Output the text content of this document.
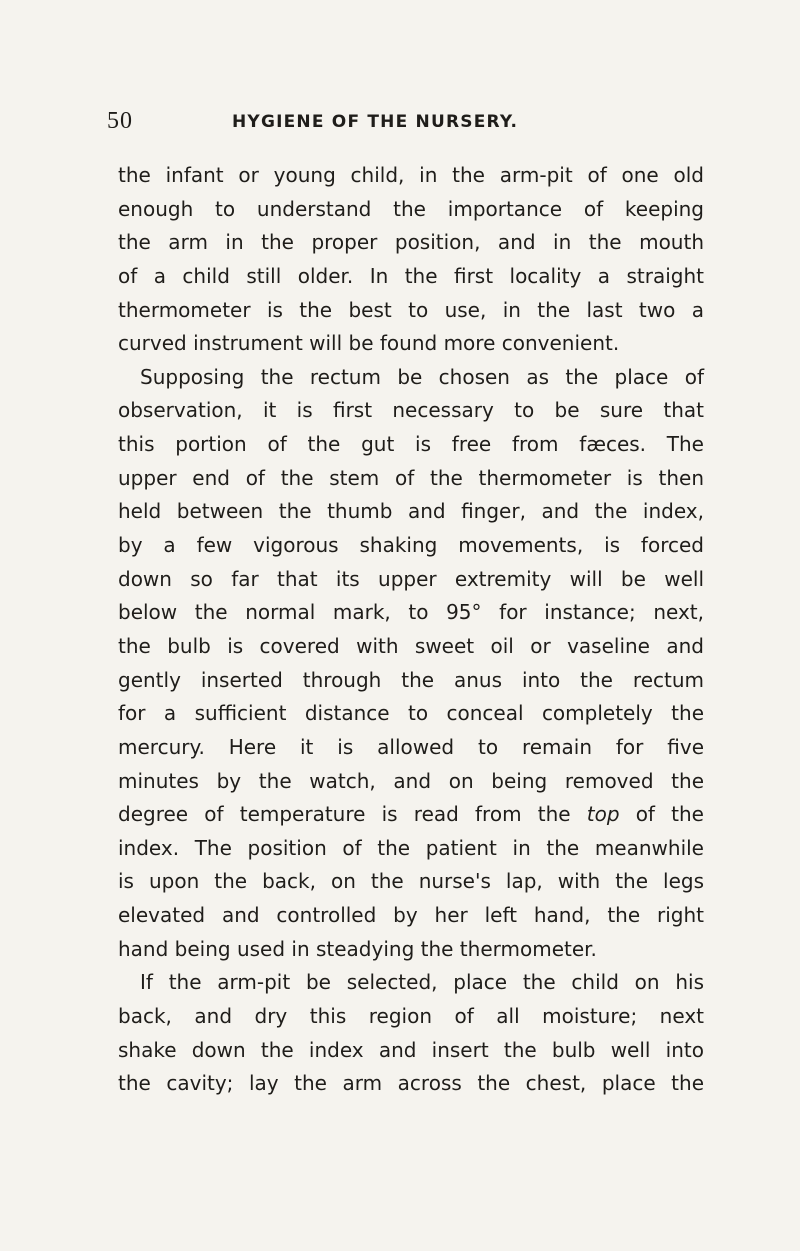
50	HYGIENE OF THE NURSERY.
the infant or young child, in the arm-pit of one old
enough to understand the importance of keeping
the arm in the proper position, and in the mouth
of a child still older. In the first locality a straight
thermometer is the best to use, in the last two a
curved instrument will be found more convenient.
Supposing the rectum be chosen as the place of
observation, it is first necessary to be sure that
this portion of the gut is free from fæces. The
upper end of the stem of the thermometer is then
held between the thumb and finger, and the index,
by a few vigorous shaking movements, is forced
down so far that its upper extremity will be well
below the normal mark, to 95° for instance; next,
the bulb is covered with sweet oil or vaseline and
gently inserted through the anus into the rectum
for a sufficient distance to conceal completely the
mercury. Here it is allowed to remain for five
minutes by the watch, and on being removed the
degree of temperature is read from the top of the
index. The position of the patient in the meanwhile
is upon the back, on the nurse's lap, with the legs
elevated and controlled by her left hand, the right
hand being used in steadying the thermometer.
If the arm-pit be selected, place the child on his
back, and dry this region of all moisture; next
shake down the index and insert the bulb well into
the cavity; lay the arm across the chest, place the
